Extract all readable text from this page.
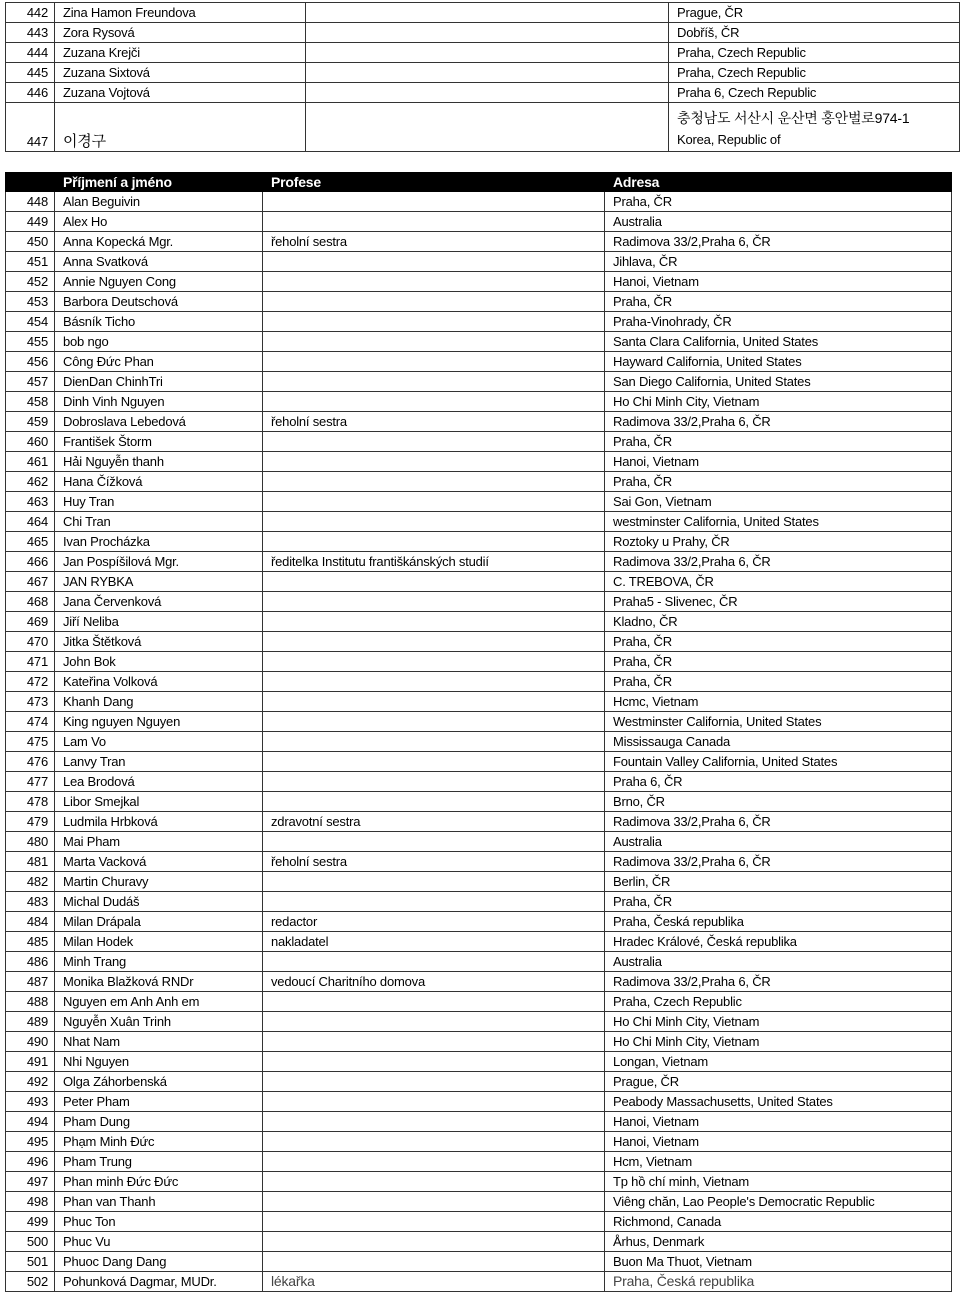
442	Zina Hamon Freundova		Prague, ČR
443	Zora Rysová		Dobříš, ČR
444	Zuzana Krejči		Praha, Czech Republic
445	Zuzana Sixtová		Praha, Czech Republic
446	Zuzana Vojtová		Praha 6, Czech Republic
447	이경구		충청남도 서산시 운산면 홍안벌로974-1
Korea, Republic of
	Příjmení a jméno	Profese	Adresa
448	Alan Beguivin		Praha, ČR
449	Alex Ho		Australia
450	Anna Kopecká Mgr.	řeholní sestra	Radimova 33/2,Praha 6, ČR
451	Anna Svatková		Jihlava, ČR
452	Annie Nguyen Cong		Hanoi, Vietnam
453	Barbora Deutschová		Praha, ČR
454	Básník Ticho		Praha-Vinohrady, ČR
455	bob ngo		Santa Clara California, United States
456	Công Đức Phan		Hayward California, United States
457	DienDan ChinhTri		San Diego California, United States
458	Dinh Vinh Nguyen		Ho Chi Minh City, Vietnam
459	Dobroslava Lebedová	řeholní sestra	Radimova 33/2,Praha 6, ČR
460	František Štorm		Praha, ČR
461	Hải Nguyễn thanh		Hanoi, Vietnam
462	Hana Čížková		Praha, ČR
463	Huy Tran		Sai Gon, Vietnam
464	Chi Tran		westminster California, United States
465	Ivan Procházka		Roztoky u Prahy, ČR
466	Jan Pospíšilová Mgr.	ředitelka Institutu františkánských studií	Radimova 33/2,Praha 6, ČR
467	JAN RYBKA		C. TREBOVA, ČR
468	Jana Červenková		Praha5 - Slivenec, ČR
469	Jiří Neliba		Kladno, ČR
470	Jitka Štětková		Praha, ČR
471	John Bok		Praha, ČR
472	Kateřina Volková		Praha, ČR
473	Khanh Dang		Hcmc, Vietnam
474	King nguyen Nguyen		Westminster California, United States
475	Lam Vo		Mississauga Canada
476	Lanvy Tran		Fountain Valley California, United States
477	Lea Brodová		Praha 6, ČR
478	Libor Smejkal		Brno, ČR
479	Ludmila Hrbková	zdravotní sestra	Radimova 33/2,Praha 6, ČR
480	Mai Pham		Australia
481	Marta Vacková	řeholní sestra	Radimova 33/2,Praha 6, ČR
482	Martin Churavy		Berlin, ČR
483	Michal Dudáš		Praha, ČR
484	Milan Drápala	redactor	Praha, Česká republika
485	Milan Hodek	nakladatel	Hradec Králové, Česká republika
486	Minh Trang		Australia
487	Monika Blažková RNDr	vedoucí Charitního domova	Radimova 33/2,Praha 6, ČR
488	Nguyen em Anh Anh em		Praha, Czech Republic
489	Nguyễn Xuân Trinh		Ho Chi Minh City, Vietnam
490	Nhat Nam		Ho Chi Minh City, Vietnam
491	Nhi Nguyen		Longan, Vietnam
492	Olga Záhorbenská		Prague, ČR
493	Peter Pham		Peabody Massachusetts, United States
494	Pham Dung		Hanoi, Vietnam
495	Phạm Minh Đức		Hanoi, Vietnam
496	Pham Trung		Hcm, Vietnam
497	Phan minh Đức Đức		Tp hồ chí minh, Vietnam
498	Phan van Thanh		Viêng chăn, Lao People's Democratic Republic
499	Phuc Ton		Richmond, Canada
500	Phuc Vu		Århus, Denmark
501	Phuoc Dang Dang		Buon Ma Thuot, Vietnam
502	Pohunková Dagmar, MUDr.	lékařka	Praha, Česká republika
